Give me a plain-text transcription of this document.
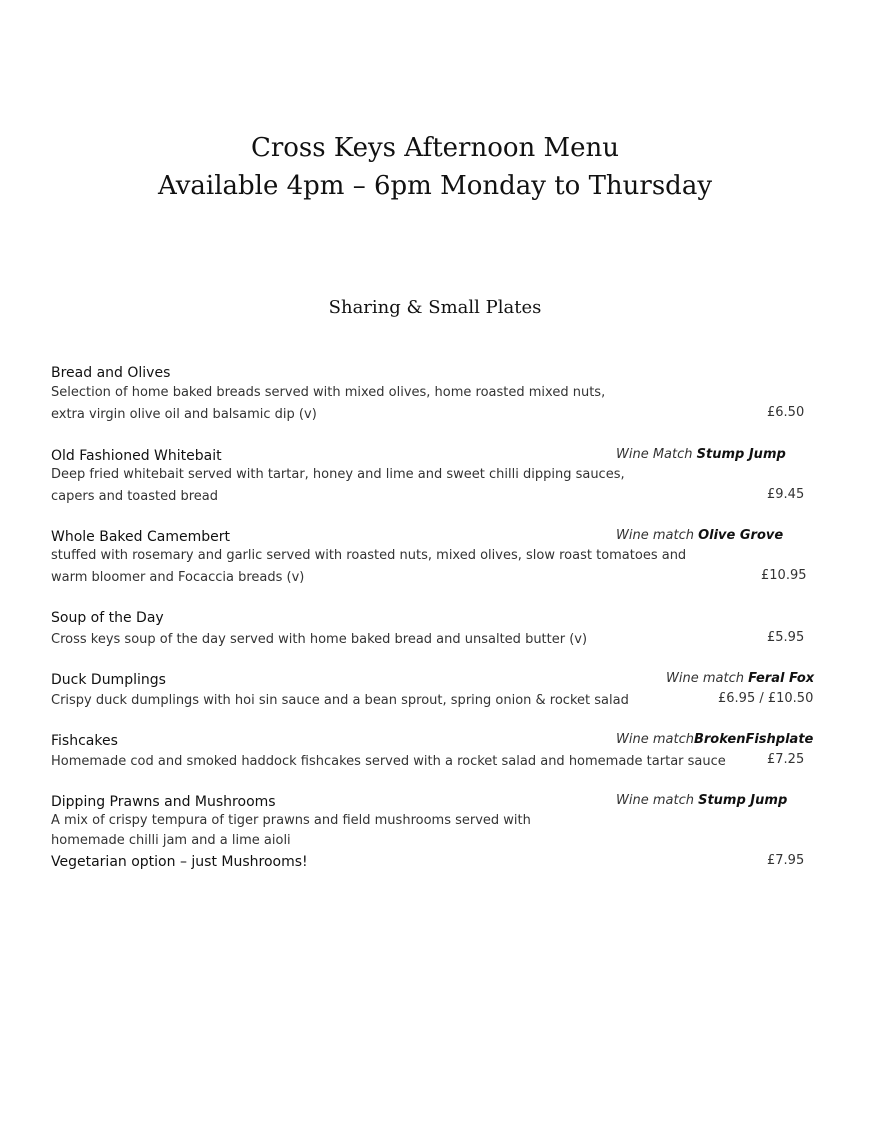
Cross Keys Afternoon Menu
Available 4pm – 6pm Monday to Thursday
Sharing & Small Plates
Bread and Olives
Selection of home baked breads served with mixed olives, home roasted mixed nuts,
extra virgin olive oil and balsamic dip (v)	£6.50
Old Fashioned Whitebait	Wine Match Stump Jump
Deep fried whitebait served with tartar, honey and lime and sweet chilli dipping sauces,
capers and toasted bread	£9.45
Whole Baked Camembert	Wine match Olive Grove
stuffed with rosemary and garlic served with roasted nuts, mixed olives, slow roast tomatoes and
warm bloomer and Focaccia breads (v)	£10.95
Soup of the Day
Cross keys soup of the day served with home baked bread and unsalted butter (v)	£5.95
Duck Dumplings	Wine match Feral Fox
Crispy duck dumplings with hoi sin sauce and a bean sprout, spring onion & rocket salad	£6.95 / £10.50
Fishcakes	Wine matchBrokenFishplate
Homemade cod and smoked haddock fishcakes served with a rocket salad and homemade tartar sauce	£7.25
Dipping Prawns and Mushrooms	Wine match Stump Jump
A mix of crispy tempura of tiger prawns and field mushrooms served with
homemade chilli jam and a lime aioli
Vegetarian option – just Mushrooms!	£7.95
